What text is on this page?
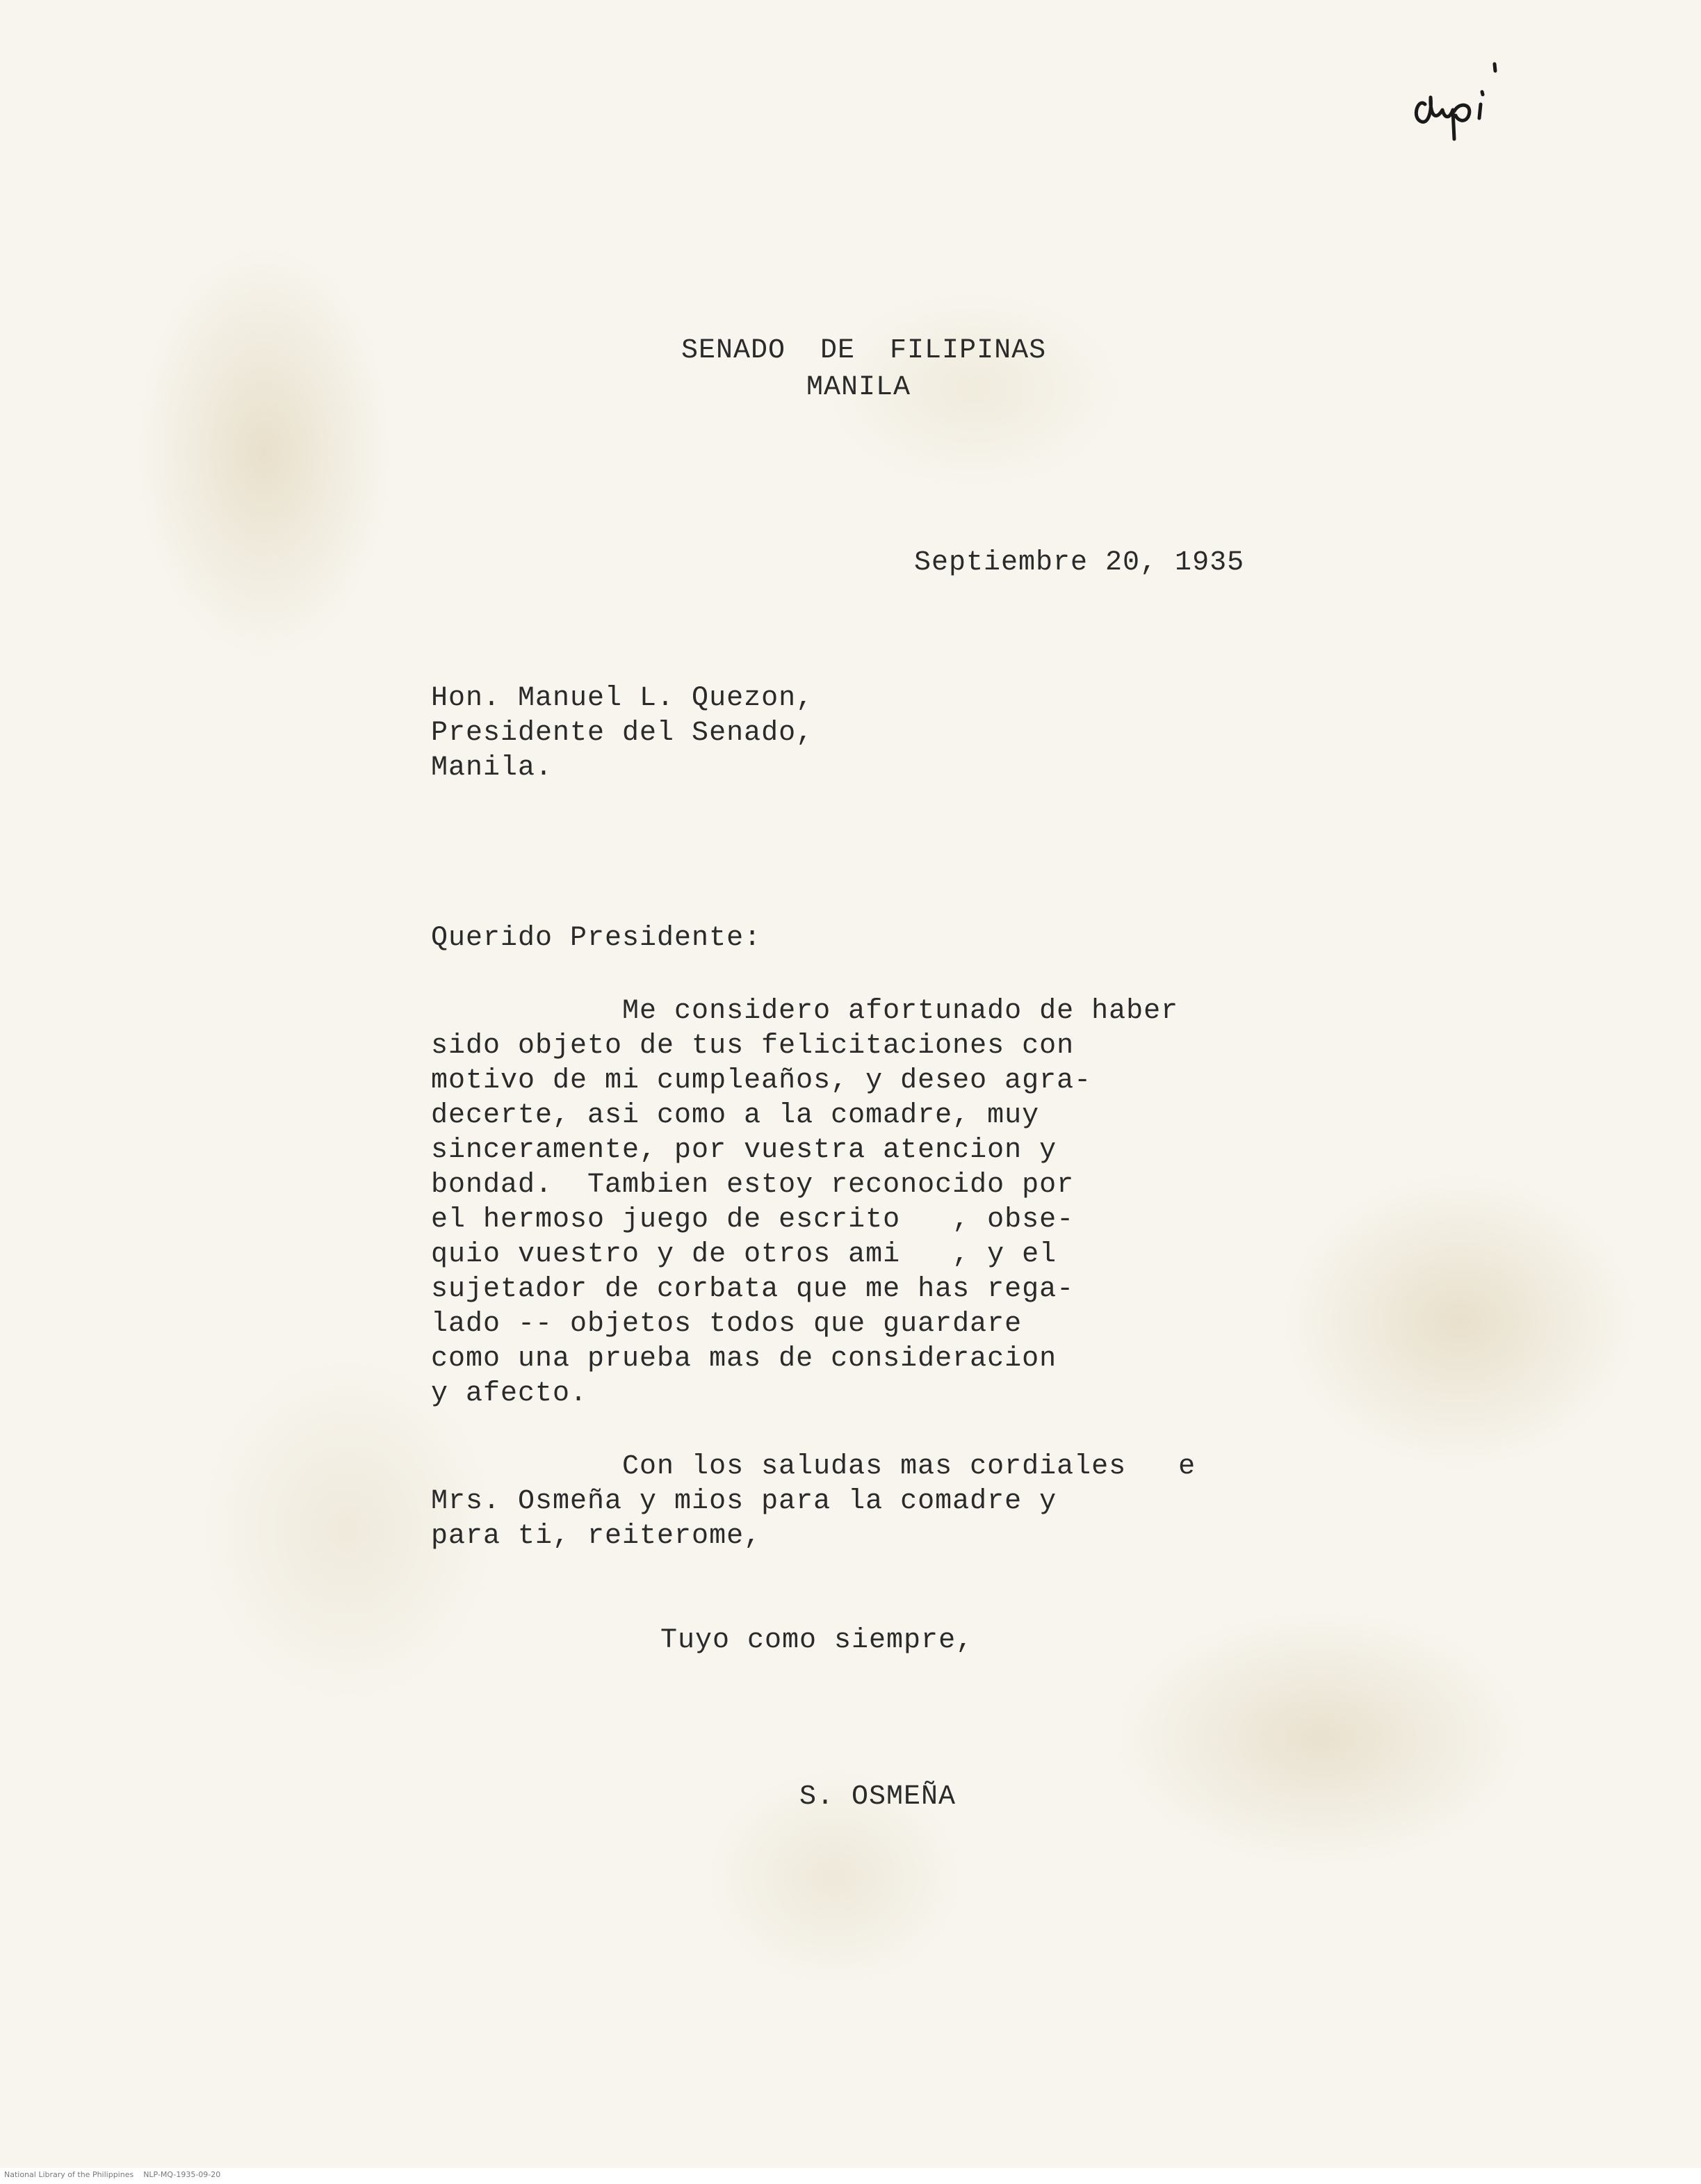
SENADO  DE  FILIPINAS
MANILA
Septiembre 20, 1935
Hon. Manuel L. Quezon,
Presidente del Senado,
Manila.
Querido Presidente:
Me considero afortunado de haber
sido objeto de tus felicitaciones con
motivo de mi cumpleaños, y deseo agra-
decerte, asi como a la comadre, muy
sinceramente, por vuestra atencion y
bondad.  Tambien estoy reconocido por
el hermoso juego de escrito   , obse-
quio vuestro y de otros ami   , y el
sujetador de corbata que me has rega-
lado -- objetos todos que guardare
como una prueba mas de consideracion
y afecto.
Con los saludas mas cordiales   e
Mrs. Osmeña y mios para la comadre y
para ti, reiterome,
Tuyo como siempre,
S. OSMEÑA
National Library of the Philippines    NLP-MQ-1935-09-20
